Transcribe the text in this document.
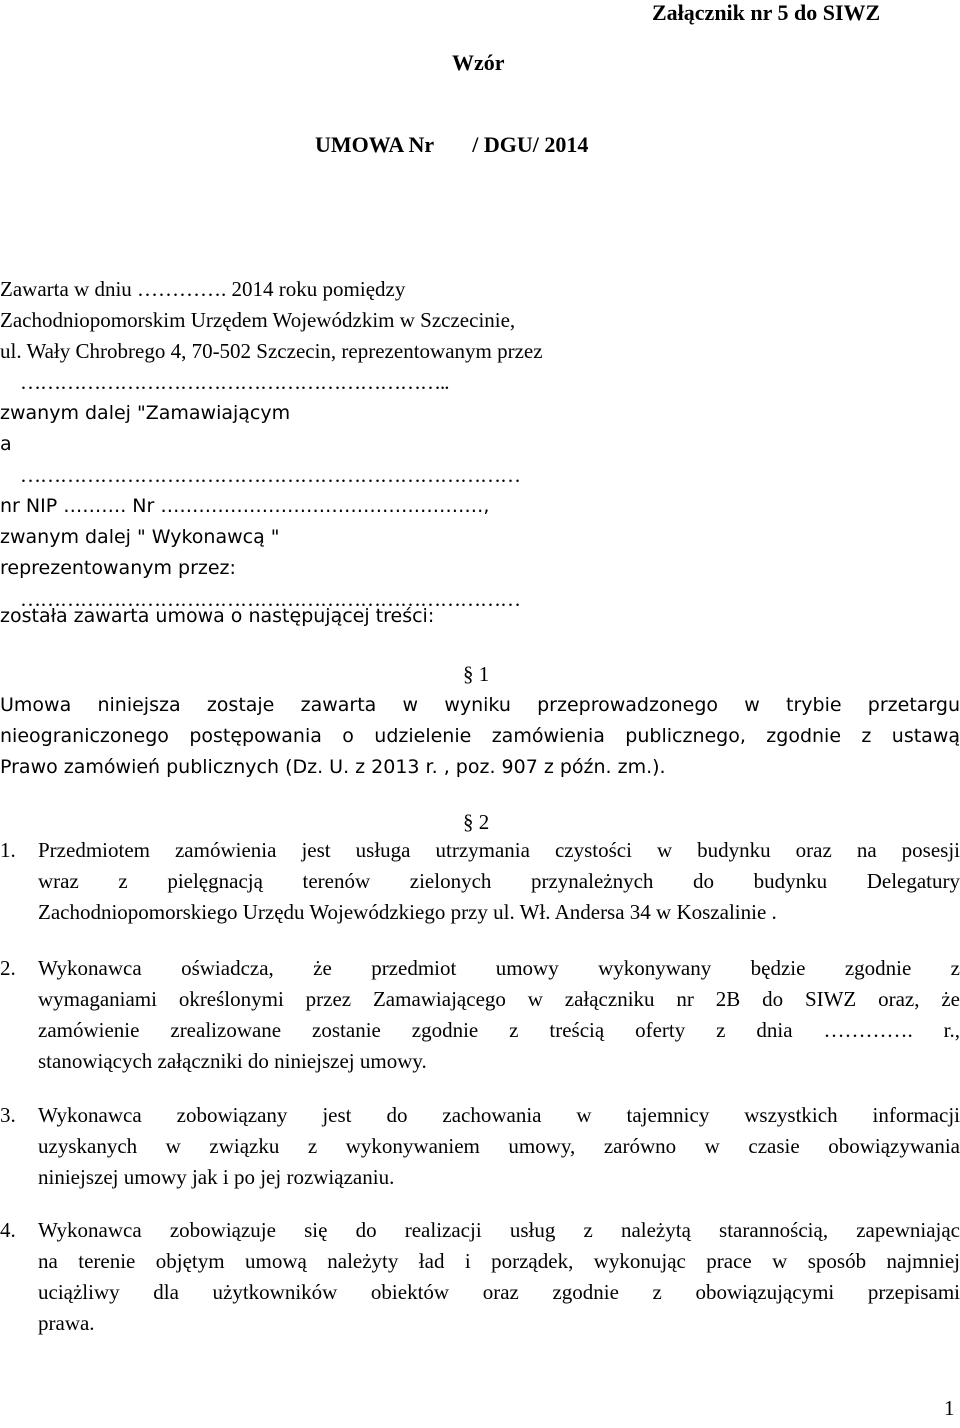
Załącznik nr 5 do SIWZ
Wzór
UMOWA Nr       / DGU/ 2014
Zawarta w dniu …………. 2014 roku pomiędzy
Zachodniopomorskim Urzędem Wojewódzkim w Szczecinie,
ul. Wały Chrobrego 4, 70-502 Szczecin, reprezentowanym przez
………………………………………………………..
zwanym dalej "Zamawiającym
a
…………………………………………………………………
nr NIP ………. Nr ……………………………………………,
zwanym dalej " Wykonawcą "
reprezentowanym przez:
…………………………………………………………………
została zawarta umowa o następującej treści:
§ 1
Umowa niniejsza zostaje zawarta w wyniku przeprowadzonego w trybie przetargu
nieograniczonego postępowania o udzielenie zamówienia publicznego, zgodnie z ustawą
Prawo zamówień publicznych (Dz. U. z 2013 r. , poz. 907 z późn. zm.).
§ 2
1. Przedmiotem zamówienia jest usługa utrzymania czystości w budynku oraz na posesji
wraz z pielęgnacją terenów zielonych przynależnych do budynku Delegatury
Zachodniopomorskiego Urzędu Wojewódzkiego przy ul. Wł. Andersa 34 w Koszalinie .
2. Wykonawca oświadcza, że przedmiot umowy wykonywany będzie zgodnie z
wymaganiami określonymi przez Zamawiającego w załączniku nr 2B do SIWZ oraz, że
zamówienie zrealizowane zostanie zgodnie z treścią oferty z dnia …………. r.,
stanowiących załączniki do niniejszej umowy.
3. Wykonawca zobowiązany jest do zachowania w tajemnicy wszystkich informacji
uzyskanych w związku z wykonywaniem umowy, zarówno w czasie obowiązywania
niniejszej umowy jak i po jej rozwiązaniu.
4. Wykonawca zobowiązuje się do realizacji usług z należytą starannością, zapewniając
na terenie objętym umową należyty ład i porządek, wykonując prace w sposób najmniej
uciążliwy dla użytkowników obiektów oraz zgodnie z obowiązującymi przepisami
prawa.
1
